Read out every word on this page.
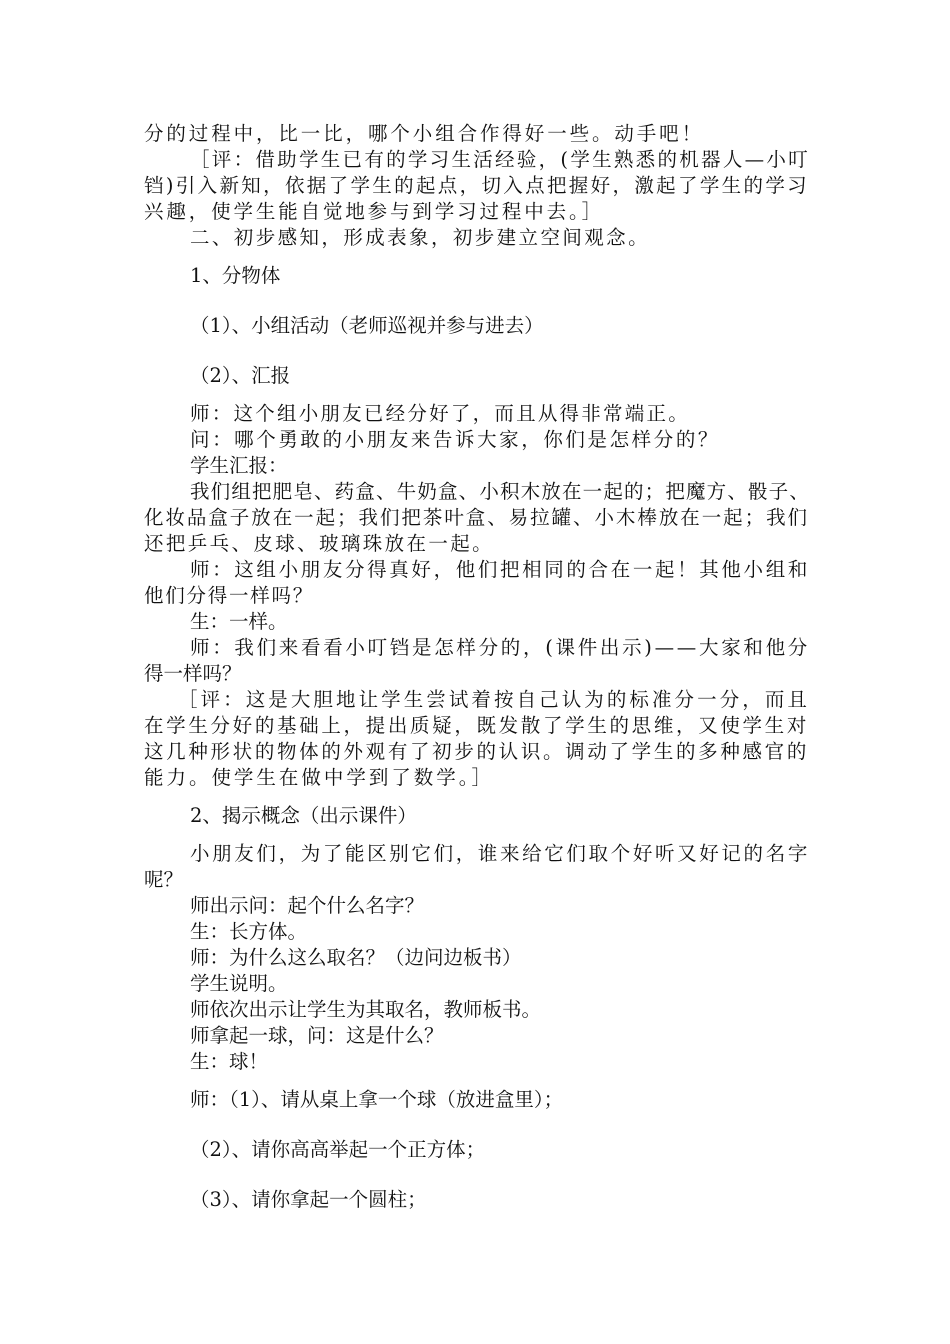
分的过程中，比一比，哪个小组合作得好一些。动手吧！

［评：借助学生已有的学习生活经验，(学生熟悉的机器人—小叮

铛)引入新知，依据了学生的起点，切入点把握好，激起了学生的学习

兴趣，使学生能自觉地参与到学习过程中去。］

二、初步感知，形成表象，初步建立空间观念。

1、分物体

（1）、小组活动（老师巡视并参与进去）

（2）、汇报

师：这个组小朋友已经分好了，而且从得非常端正。

问：哪个勇敢的小朋友来告诉大家，你们是怎样分的？

学生汇报：

我们组把肥皂、药盒、牛奶盒、小积木放在一起的；把魔方、骰子、

化妆品盒子放在一起；我们把茶叶盒、易拉罐、小木棒放在一起；我们

还把乒乓、皮球、玻璃珠放在一起。

师：这组小朋友分得真好，他们把相同的合在一起！其他小组和

他们分得一样吗？

生：一样。

师：我们来看看小叮铛是怎样分的，(课件出示)——大家和他分

得一样吗？

［评：这是大胆地让学生尝试着按自己认为的标准分一分，而且

在学生分好的基础上，提出质疑，既发散了学生的思维，又使学生对

这几种形状的物体的外观有了初步的认识。调动了学生的多种感官的

能力。使学生在做中学到了数学。］

2、揭示概念（出示课件）

小朋友们，为了能区别它们，谁来给它们取个好听又好记的名字

呢？

师出示问：起个什么名字？

生：长方体。

师：为什么这么取名？（边问边板书）

学生说明。

师依次出示让学生为其取名，教师板书。

师拿起一球，问：这是什么？

生：球！

师：（1）、请从桌上拿一个球（放进盒里）；

（2）、请你高高举起一个正方体；

（3）、请你拿起一个圆柱；
